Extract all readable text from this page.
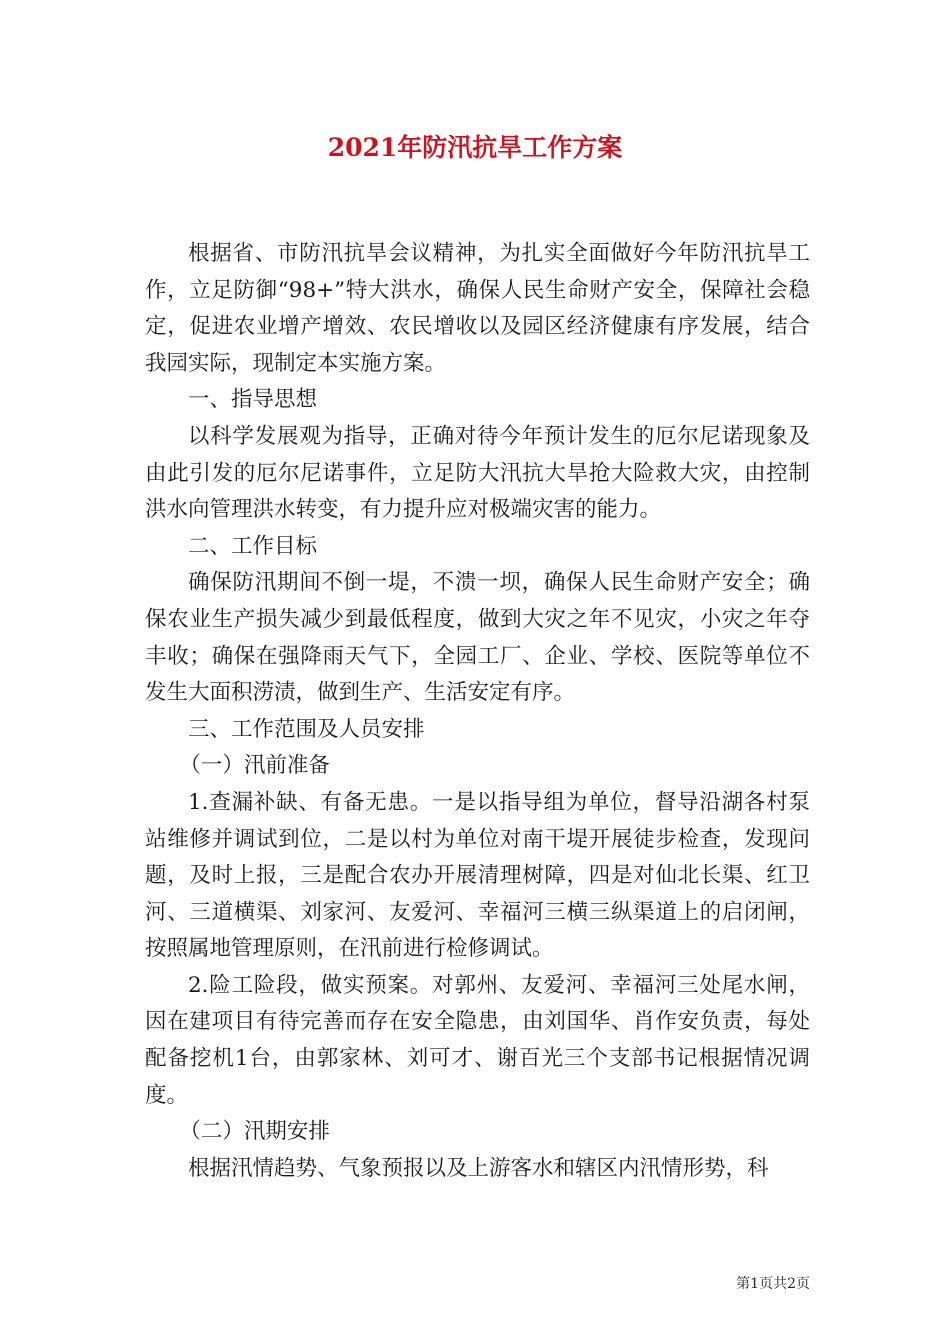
2021年防汛抗旱工作方案

根据省、市防汛抗旱会议精神，为扎实全面做好今年防汛抗旱工作，立足防御“98+”特大洪水，确保人民生命财产安全，保障社会稳定，促进农业增产增效、农民增收以及园区经济健康有序发展，结合我园实际，现制定本实施方案。

一、指导思想

以科学发展观为指导，正确对待今年预计发生的厄尔尼诺现象及由此引发的厄尔尼诺事件，立足防大汛抗大旱抢大险救大灾，由控制洪水向管理洪水转变，有力提升应对极端灾害的能力。

二、工作目标

确保防汛期间不倒一堤，不溃一坝，确保人民生命财产安全；确保农业生产损失减少到最低程度，做到大灾之年不见灾，小灾之年夺丰收；确保在强降雨天气下，全园工厂、企业、学校、医院等单位不发生大面积涝渍，做到生产、生活安定有序。

三、工作范围及人员安排

（一）汛前准备

1.查漏补缺、有备无患。一是以指导组为单位，督导沿湖各村泵站维修并调试到位，二是以村为单位对南干堤开展徒步检查，发现问题，及时上报，三是配合农办开展清理树障，四是对仙北长渠、红卫河、三道横渠、刘家河、友爱河、幸福河三横三纵渠道上的启闭闸，按照属地管理原则，在汛前进行检修调试。

2.险工险段，做实预案。对郭州、友爱河、幸福河三处尾水闸，因在建项目有待完善而存在安全隐患，由刘国华、肖作安负责，每处配备挖机1台，由郭家林、刘可才、谢百光三个支部书记根据情况调度。

（二）汛期安排

根据汛情趋势、气象预报以及上游客水和辖区内汛情形势，科

第1页共2页
